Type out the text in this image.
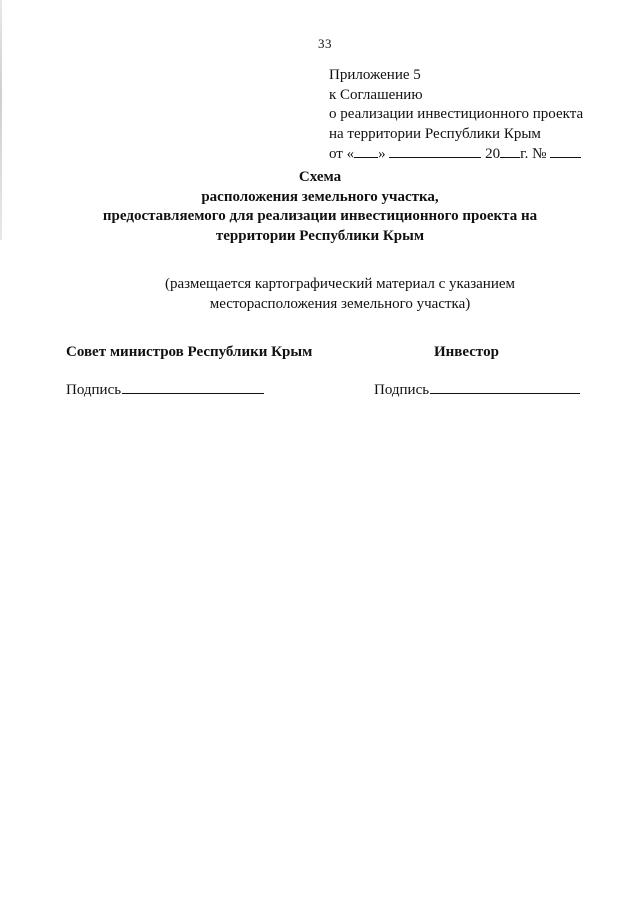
33
Приложение 5
к Соглашению
о реализации инвестиционного проекта
на территории Республики Крым
от « »	20 г. №
Схема
расположения земельного участка,
предоставляемого для реализации инвестиционного проекта на
территории Республики Крым
(размещается картографический материал с указанием
месторасположения земельного участка)
Совет министров Республики Крым	Инвестор
Подпись	Подпись
